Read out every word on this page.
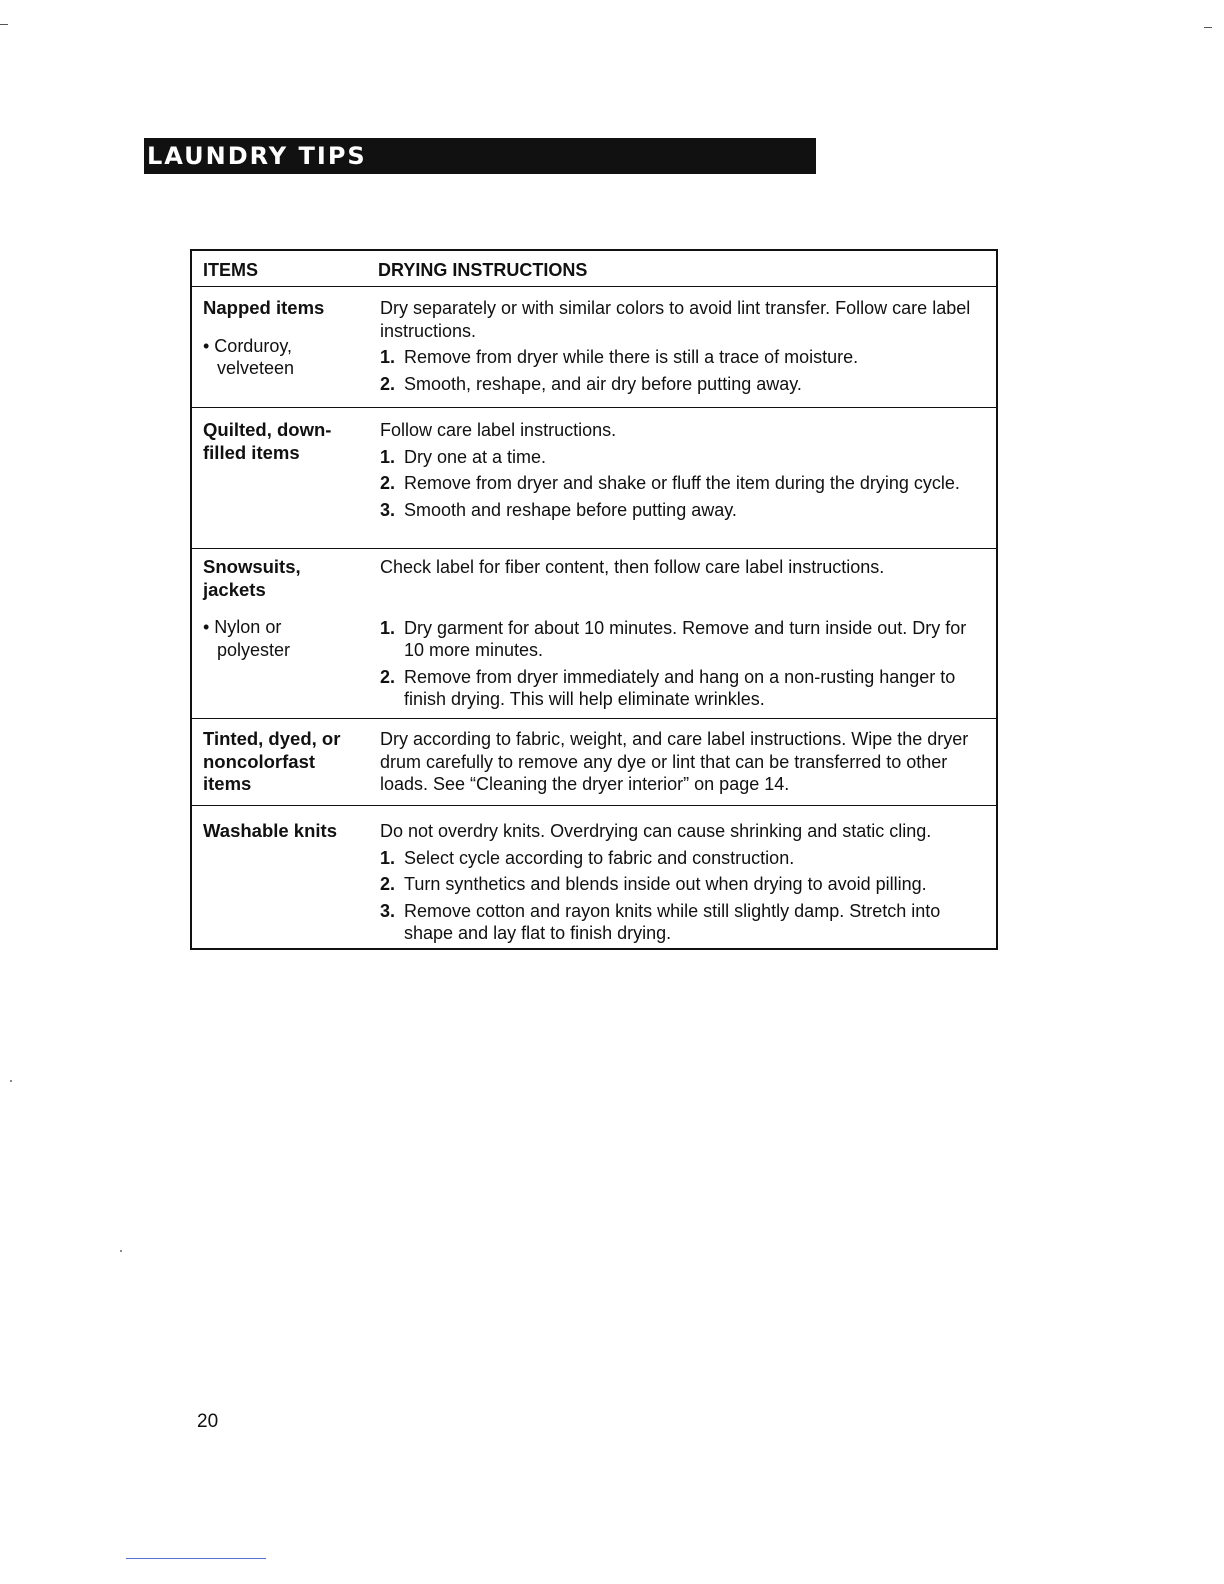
LAUNDRY TIPS
ITEMS	DRYING INSTRUCTIONS
Napped items
• Corduroy, velveteen
Dry separately or with similar colors to avoid lint transfer. Follow care label instructions.
1. Remove from dryer while there is still a trace of moisture.
2. Smooth, reshape, and air dry before putting away.
Quilted, down-filled items
Follow care label instructions.
1. Dry one at a time.
2. Remove from dryer and shake or fluff the item during the drying cycle.
3. Smooth and reshape before putting away.
Snowsuits, jackets
• Nylon or polyester
Check label for fiber content, then follow care label instructions.
1. Dry garment for about 10 minutes. Remove and turn inside out. Dry for 10 more minutes.
2. Remove from dryer immediately and hang on a non-rusting hanger to finish drying. This will help eliminate wrinkles.
Tinted, dyed, or noncolorfast items
Dry according to fabric, weight, and care label instructions. Wipe the dryer drum carefully to remove any dye or lint that can be transferred to other loads. See “Cleaning the dryer interior” on page 14.
Washable knits	Do not overdry knits. Overdrying can cause shrinking and static cling.
1. Select cycle according to fabric and construction.
2. Turn synthetics and blends inside out when drying to avoid pilling.
3. Remove cotton and rayon knits while still slightly damp. Stretch into shape and lay flat to finish drying.
20
